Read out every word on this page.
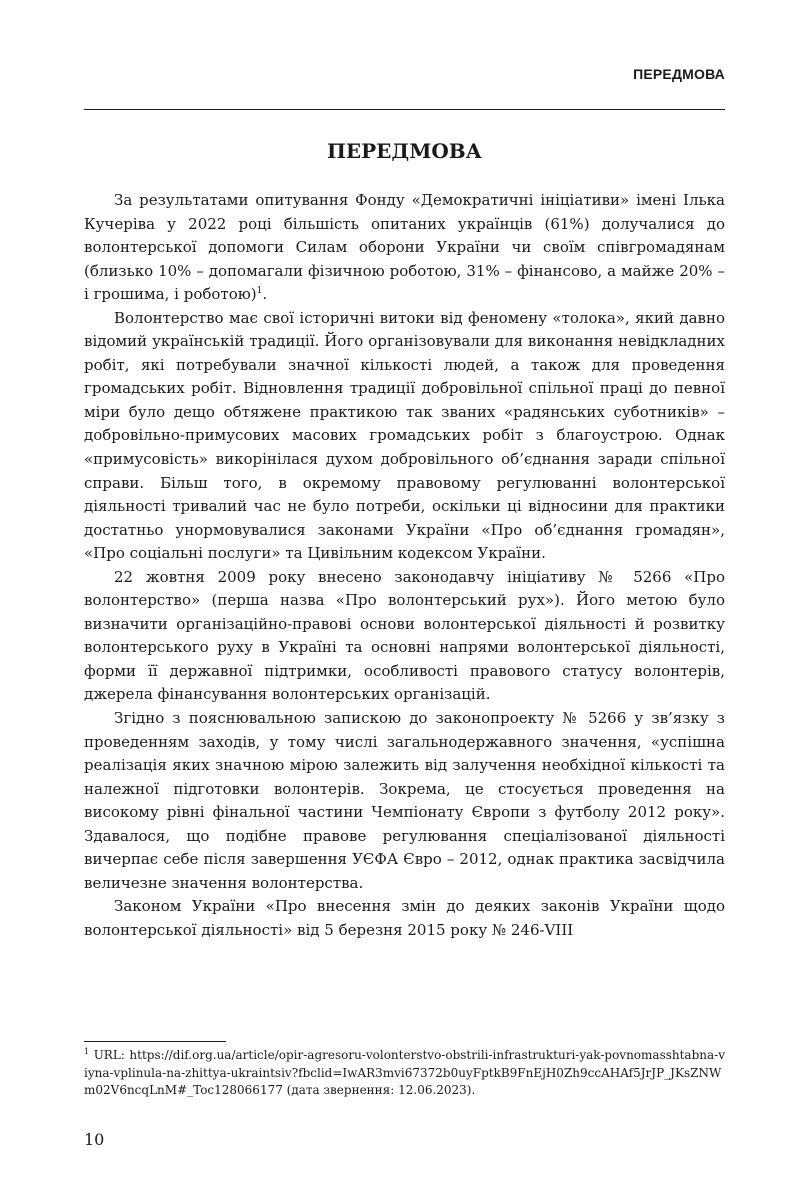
ПЕРЕДМОВА
ПЕРЕДМОВА

За результатами опитування Фонду «Демократичні ініціативи» імені Ілька Кучеріва у 2022 році більшість опитаних українців (61%) долучалися до волонтерської допомоги Силам оборони України чи своїм співгромадянам (близько 10% – допомагали фізичною роботою, 31% – фінансово, а майже 20% – і грошима, і роботою)$^1$.

Волонтерство має свої історичні витоки від феномену «толока», який давно відомий українській традиції. Його організовували для виконання невідкладних робіт, які потребували значної кількості людей, а також для проведення громадських робіт. Відновлення традиції добровільної спільної праці до певної міри було дещо обтяжене практикою так званих «радянських суботників» – добровільно-примусових масових громадських робіт з благоустрою. Однак «примусовість» викорінілася духом добровільного об’єднання заради спільної справи. Більш того, в окремому правовому регулюванні волонтерської діяльності тривалий час не було потреби, оскільки ці відносини для практики достатньо унормовувалися законами України «Про об’єднання громадян», «Про соціальні послуги» та Цивільним кодексом України.

22 жовтня 2009 року внесено законодавчу ініціативу № 5266 «Про волонтерство» (перша назва «Про волонтерський рух»). Його метою було визначити організаційно-правові основи волонтерської діяльності й розвитку волонтерського руху в Україні та основні напрями волонтерської діяльності, форми її державної підтримки, особливості правового статусу волонтерів, джерела фінансування волонтерських організацій.

Згідно з пояснювальною запискою до законопроекту № 5266 у зв’язку з проведенням заходів, у тому числі загальнодержавного значення, «успішна реалізація яких значною мірою залежить від залучення необхідної кількості та належної підготовки волонтерів. Зокрема, це стосується проведення на високому рівні фінальної частини Чемпіонату Європи з футболу 2012 року». Здавалося, що подібне правове регулювання спеціалізованої діяльності вичерпає себе після завершення УЄФА Євро – 2012, однак практика засвідчила величезне значення волонтерства.

Законом України «Про внесення змін до деяких законів України щодо волонтерської діяльності» від 5 березня 2015 року № 246-VIII

$^1$ URL: https://dif.org.ua/article/opir-agresoru-volonterstvo-obstrili-infrastrukturi-yak-povnomasshtabna-viyna-vplinula-na-zhittya-ukraintsiv?fbclid=IwAR3mvi67372b0uyFptkB9FnEjH0Zh9ccAHAf5JrJP_JKsZNWm02V6ncqLnM#_Toc128066177 (дата звернення: 12.06.2023).
10
